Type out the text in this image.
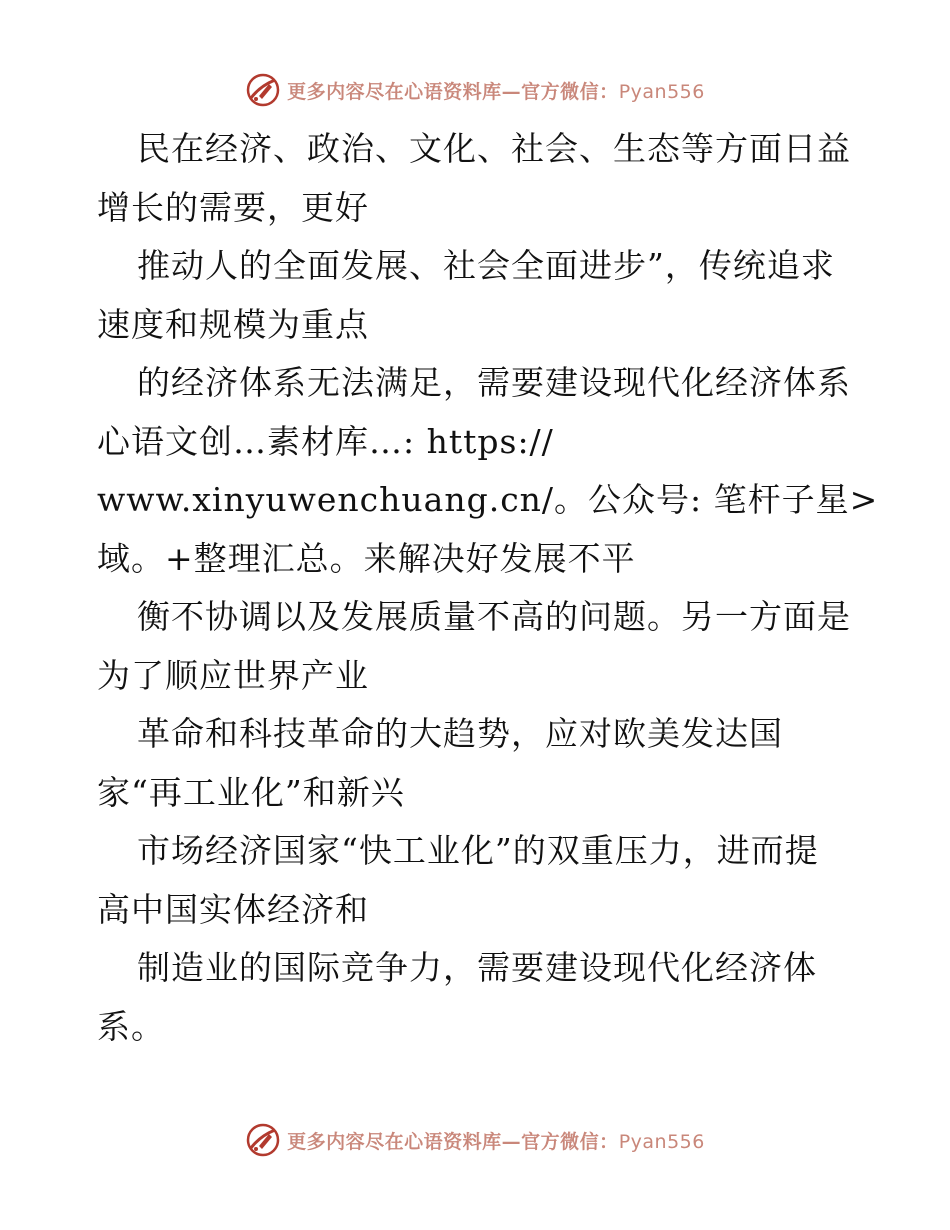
更多内容尽在心语资料库—官方微信：Pyan556
民在经济、政治、文化、社会、生态等方面日益
增长的需要，更好
推动人的全面发展、社会全面进步”，传统追求
速度和规模为重点
的经济体系无法满足，需要建设现代化经济体系
心语文创…素材库…: https://
www.xinyuwenchuang.cn/。公众号: 笔杆子星>
域。+整理汇总。来解决好发展不平
衡不协调以及发展质量不高的问题。另一方面是
为了顺应世界产业
革命和科技革命的大趋势，应对欧美发达国
家“再工业化”和新兴
市场经济国家“快工业化”的双重压力，进而提
高中国实体经济和
制造业的国际竞争力，需要建设现代化经济体
系。
更多内容尽在心语资料库—官方微信：Pyan556
